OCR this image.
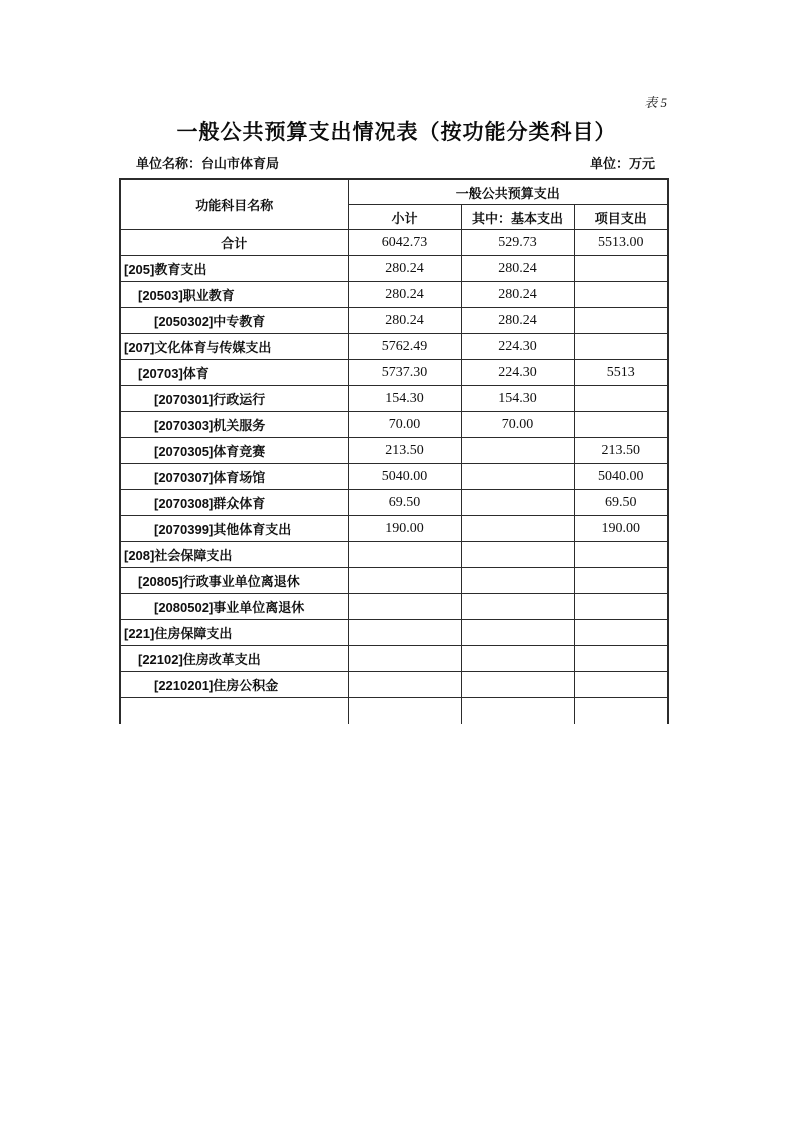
表 5
一般公共预算支出情况表（按功能分类科目）
单位名称：台山市体育局	单位：万元
功能科目名称	一般公共预算支出		
	小计	其中：基本支出	项目支出
合计	6042.73	529.73	5513.00
[205]教育支出	280.24	280.24	
[20503]职业教育	280.24	280.24	
[2050302]中专教育	280.24	280.24	
[207]文化体育与传媒支出	5762.49	224.30	
[20703]体育	5737.30	224.30	5513
[2070301]行政运行	154.30	154.30	
[2070303]机关服务	70.00	70.00	
[2070305]体育竞赛	213.50		213.50
[2070307]体育场馆	5040.00		5040.00
[2070308]群众体育	69.50		69.50
[2070399]其他体育支出	190.00		190.00
[208]社会保障支出			
[20805]行政事业单位离退休			
[2080502]事业单位离退休			
[221]住房保障支出			
[22102]住房改革支出			
[2210201]住房公积金			
